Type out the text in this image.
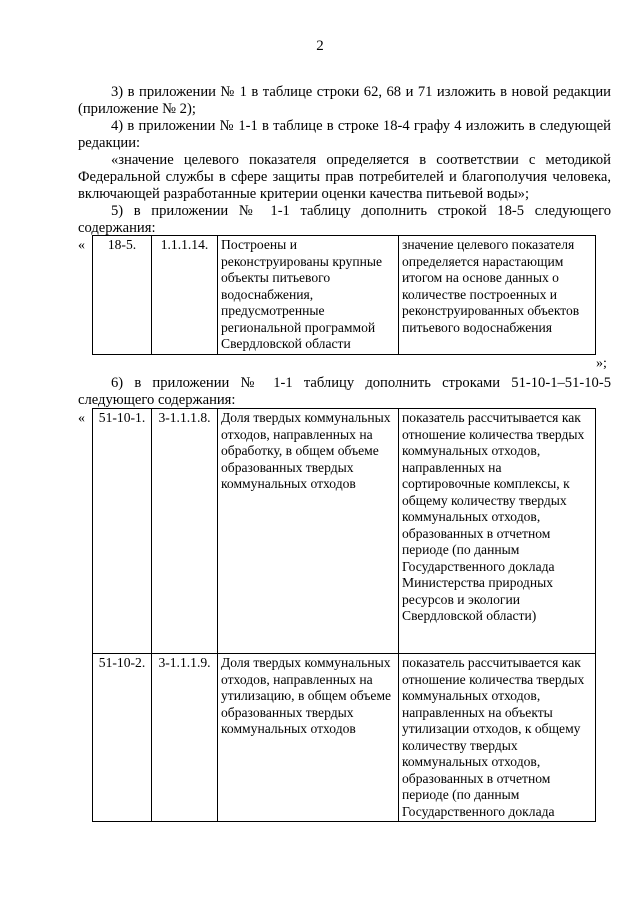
2

3) в приложении № 1 в таблице строки 62, 68 и 71 изложить в новой редакции (приложение № 2);

4) в приложении № 1-1 в таблице в строке 18-4 графу 4 изложить в следующей редакции:

«значение целевого показателя определяется в соответствии с методикой Федеральной службы в сфере защиты прав потребителей и благополучия человека, включающей разработанные критерии оценки качества питьевой воды»;

5) в приложении № 1-1 таблицу дополнить строкой 18-5 следующего содержания:

« 18-5.	1.1.1.14.	Построены и реконструированы крупные объекты питьевого водоснабжения, предусмотренные региональной программой Свердловской области	значение целевого показателя определяется нарастающим итогом на основе данных о количестве построенных и реконструированных объектов питьевого водоснабжения
»;

6) в приложении № 1-1 таблицу дополнить строками 51-10-1–51-10-5 следующего содержания:

« 51-10-1.	3-1.1.1.8.	Доля твердых коммунальных отходов, направленных на обработку, в общем объеме образованных твердых коммунальных отходов	показатель рассчитывается как отношение количества твердых коммунальных отходов, направленных на сортировочные комплексы, к общему количеству твердых коммунальных отходов, образованных в отчетном периоде (по данным Государственного доклада Министерства природных ресурсов и экологии Свердловской области)
51-10-2.	3-1.1.1.9.	Доля твердых коммунальных отходов, направленных на утилизацию, в общем объеме образованных твердых коммунальных отходов	показатель рассчитывается как отношение количества твердых коммунальных отходов, направленных на объекты утилизации отходов, к общему количеству твердых коммунальных отходов, образованных в отчетном периоде (по данным Государственного доклада
